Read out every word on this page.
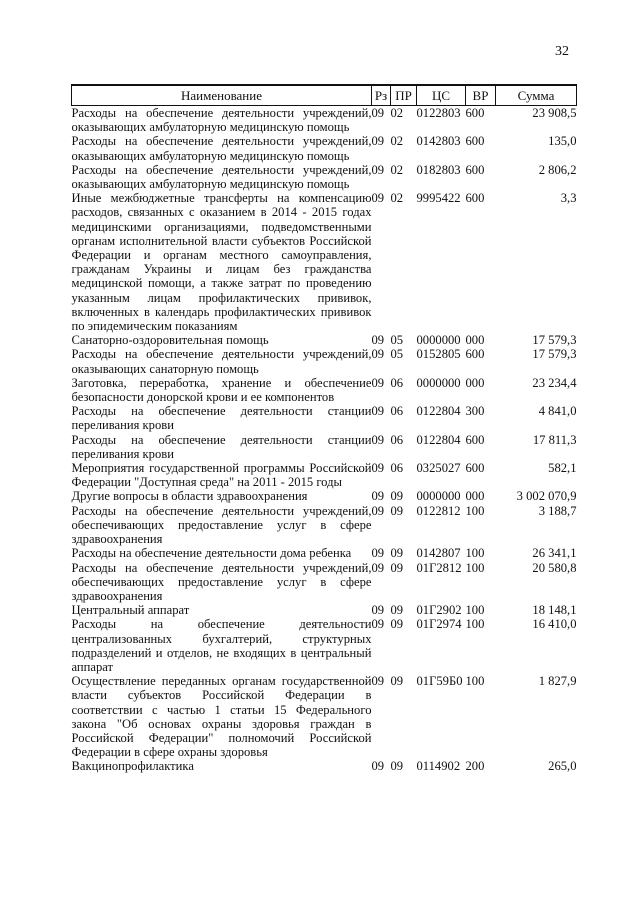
32
Наименование	Рз	ПР	ЦС	ВР	Сумма
Расходы на обеспечение деятельности учреждений, оказывающих амбулаторную медицинскую помощь	09	02	0122803	600	23 908,5
Расходы на обеспечение деятельности учреждений, оказывающих амбулаторную медицинскую помощь	09	02	0142803	600	135,0
Расходы на обеспечение деятельности учреждений, оказывающих амбулаторную медицинскую помощь	09	02	0182803	600	2 806,2
Иные межбюджетные трансферты на компенсацию расходов, связанных с оказанием в 2014 - 2015 годах медицинскими организациями, подведомственными органам исполнительной власти субъектов Российской Федерации и органам местного самоуправления, гражданам Украины и лицам без гражданства медицинской помощи, а также затрат по проведению указанным лицам профилактических прививок, включенных в календарь профилактических прививок по эпидемическим показаниям	09	02	9995422	600	3,3
Санаторно-оздоровительная помощь	09	05	0000000	000	17 579,3
Расходы на обеспечение деятельности учреждений, оказывающих санаторную помощь	09	05	0152805	600	17 579,3
Заготовка, переработка, хранение и обеспечение безопасности донорской крови и ее компонентов	09	06	0000000	000	23 234,4
Расходы на обеспечение деятельности станции переливания крови	09	06	0122804	300	4 841,0
Расходы на обеспечение деятельности станции переливания крови	09	06	0122804	600	17 811,3
Мероприятия государственной программы Российской Федерации "Доступная среда" на 2011 - 2015 годы	09	06	0325027	600	582,1
Другие вопросы в области здравоохранения	09	09	0000000	000	3 002 070,9
Расходы на обеспечение деятельности учреждений, обеспечивающих предоставление услуг в сфере здравоохранения	09	09	0122812	100	3 188,7
Расходы на обеспечение деятельности дома ребенка	09	09	0142807	100	26 341,1
Расходы на обеспечение деятельности учреждений, обеспечивающих предоставление услуг в сфере здравоохранения	09	09	01Г2812	100	20 580,8
Центральный аппарат	09	09	01Г2902	100	18 148,1
Расходы на обеспечение деятельности централизованных бухгалтерий, структурных подразделений и отделов, не входящих в центральный аппарат	09	09	01Г2974	100	16 410,0
Осуществление переданных органам государственной власти субъектов Российской Федерации в соответствии с частью 1 статьи 15 Федерального закона "Об основах охраны здоровья граждан в Российской Федерации" полномочий Российской Федерации в сфере охраны здоровья	09	09	01Г59Б0	100	1 827,9
Вакцинопрофилактика	09	09	0114902	200	265,0
